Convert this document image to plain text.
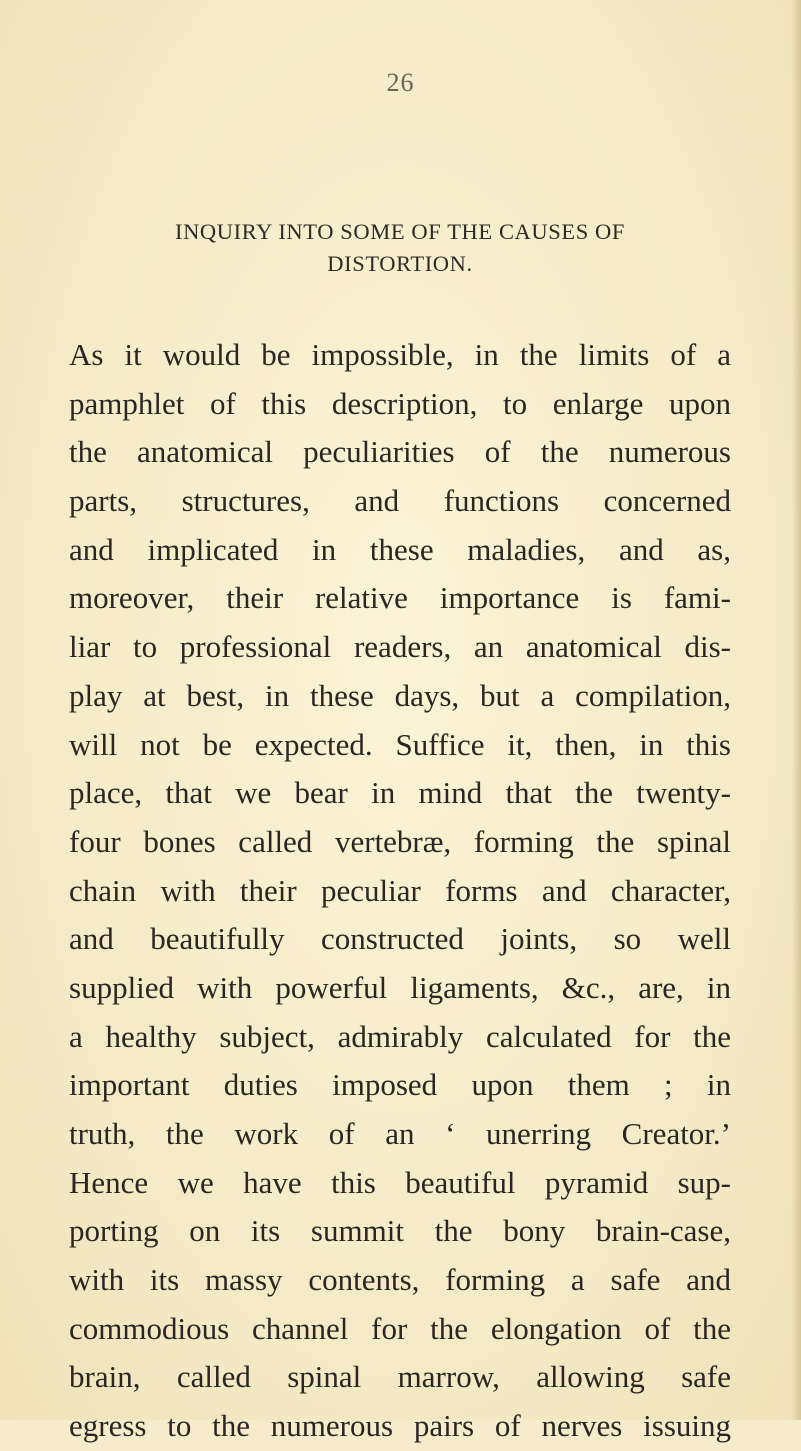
26
INQUIRY INTO SOME OF THE CAUSES OF
DISTORTION.
As it would be impossible, in the limits of a
pamphlet of this description, to enlarge upon
the anatomical peculiarities of the numerous
parts, structures, and functions concerned
and implicated in these maladies, and as,
moreover, their relative importance is fami-
liar to professional readers, an anatomical dis-
play at best, in these days, but a compilation,
will not be expected. Suffice it, then, in this
place, that we bear in mind that the twenty-
four bones called vertebræ, forming the spinal
chain with their peculiar forms and character,
and beautifully constructed joints, so well
supplied with powerful ligaments, &c., are, in
a healthy subject, admirably calculated for the
important duties imposed upon them ; in
truth, the work of an ‘ unerring Creator.’
Hence we have this beautiful pyramid sup-
porting on its summit the bony brain-case,
with its massy contents, forming a safe and
commodious channel for the elongation of the
brain, called spinal marrow, allowing safe
egress to the numerous pairs of nerves issuing
